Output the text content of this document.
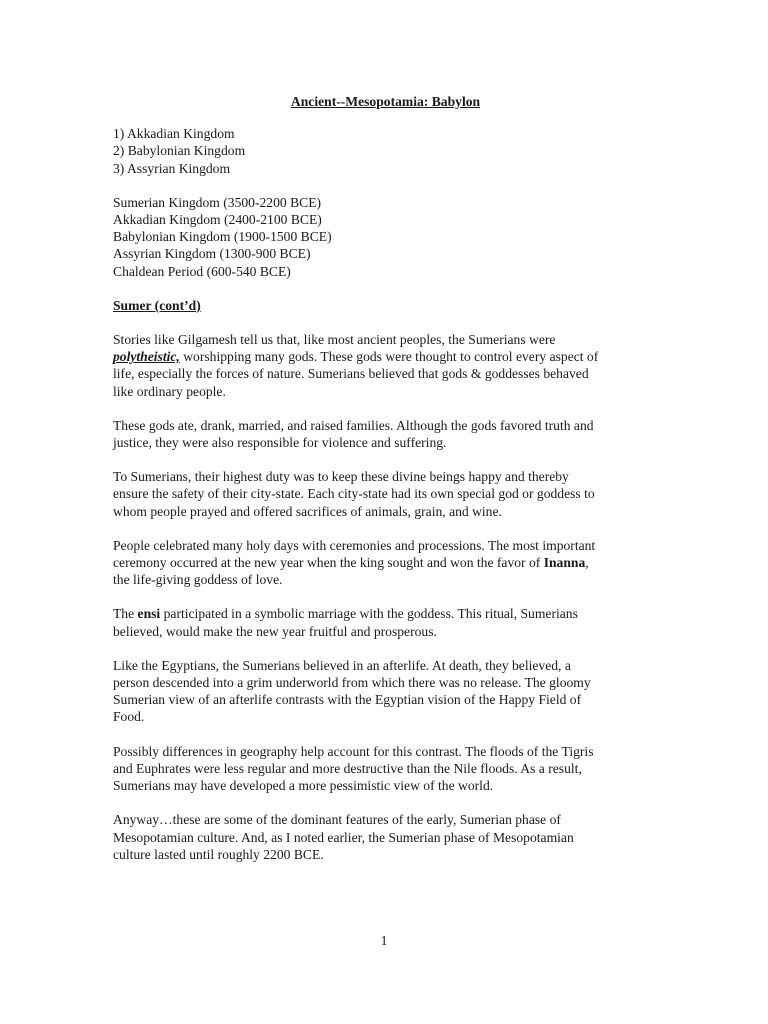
Ancient--Mesopotamia: Babylon
1) Akkadian Kingdom
2) Babylonian Kingdom
3) Assyrian Kingdom
Sumerian Kingdom (3500-2200 BCE)
Akkadian Kingdom (2400-2100 BCE)
Babylonian Kingdom (1900-1500 BCE)
Assyrian Kingdom (1300-900 BCE)
Chaldean Period (600-540 BCE)
Sumer (cont’d)
Stories like Gilgamesh tell us that, like most ancient peoples, the Sumerians were
polytheistic, worshipping many gods. These gods were thought to control every aspect of
life, especially the forces of nature. Sumerians believed that gods & goddesses behaved
like ordinary people.
These gods ate, drank, married, and raised families. Although the gods favored truth and
justice, they were also responsible for violence and suffering.
To Sumerians, their highest duty was to keep these divine beings happy and thereby
ensure the safety of their city-state. Each city-state had its own special god or goddess to
whom people prayed and offered sacrifices of animals, grain, and wine.
People celebrated many holy days with ceremonies and processions. The most important
ceremony occurred at the new year when the king sought and won the favor of Inanna,
the life-giving goddess of love.
The ensi participated in a symbolic marriage with the goddess. This ritual, Sumerians
believed, would make the new year fruitful and prosperous.
Like the Egyptians, the Sumerians believed in an afterlife. At death, they believed, a
person descended into a grim underworld from which there was no release. The gloomy
Sumerian view of an afterlife contrasts with the Egyptian vision of the Happy Field of
Food.
Possibly differences in geography help account for this contrast. The floods of the Tigris
and Euphrates were less regular and more destructive than the Nile floods. As a result,
Sumerians may have developed a more pessimistic view of the world.
Anyway…these are some of the dominant features of the early, Sumerian phase of
Mesopotamian culture. And, as I noted earlier, the Sumerian phase of Mesopotamian
culture lasted until roughly 2200 BCE.
1
